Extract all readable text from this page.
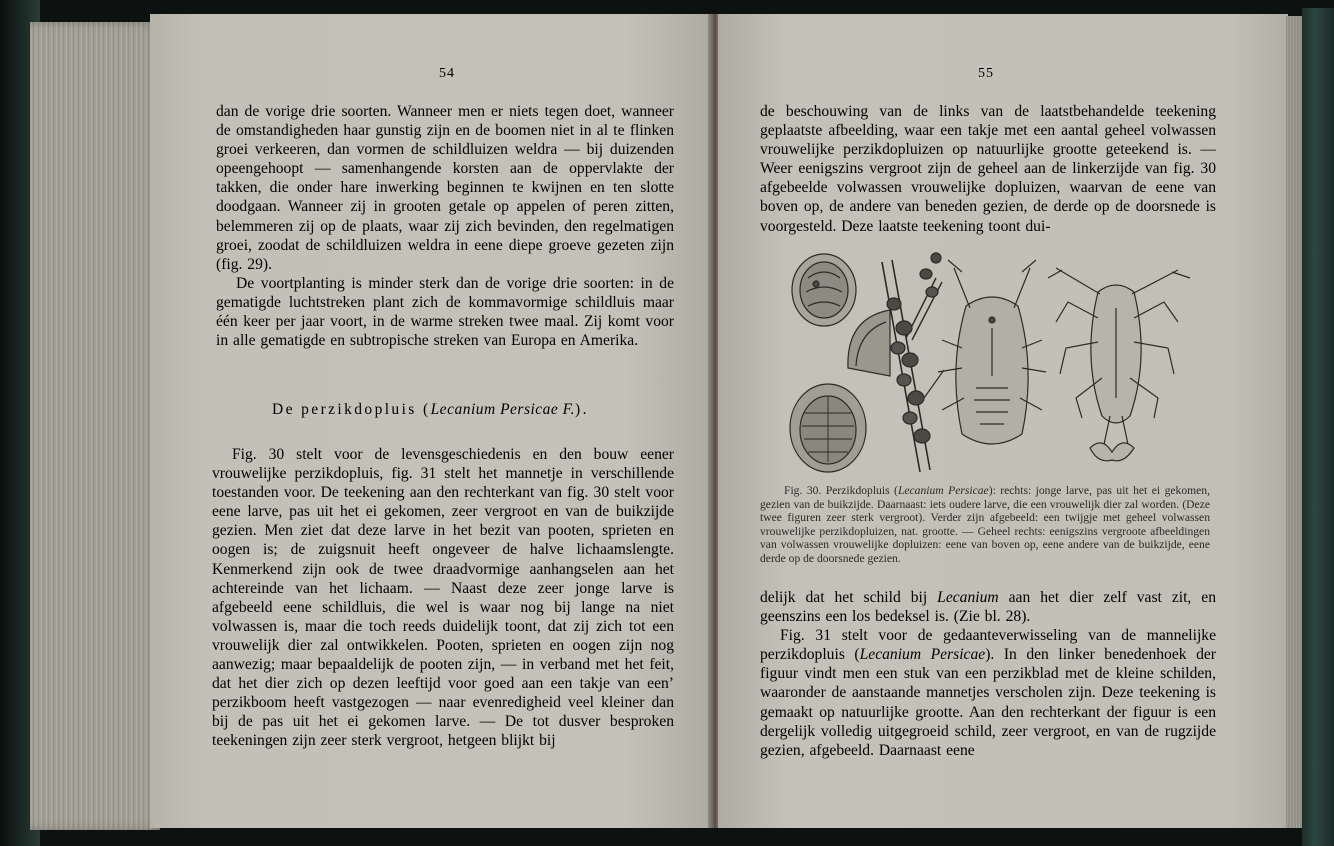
54

dan de vorige drie soorten. Wanneer men er niets tegen doet, wanneer de omstandigheden haar gunstig zijn en de boomen niet in al te flinken groei verkeeren, dan vormen de schildluizen weldra — bij duizenden opeengehoopt — samenhangende korsten aan de oppervlakte der takken, die onder hare inwerking beginnen te kwijnen en ten slotte doodgaan. Wanneer zij in grooten getale op appelen of peren zitten, belemmeren zij op de plaats, waar zij zich bevinden, den regelmatigen groei, zoodat de schildluizen weldra in eene diepe groeve gezeten zijn (fig. 29).

De voortplanting is minder sterk dan de vorige drie soorten: in de gematigde luchtstreken plant zich de kommavormige schildluis maar één keer per jaar voort, in de warme streken twee maal. Zij komt voor in alle gematigde en subtropische streken van Europa en Amerika.

De perzikdopluis (Lecanium Persicae F.).

Fig. 30 stelt voor de levensgeschiedenis en den bouw eener vrouwelijke perzikdopluis, fig. 31 stelt het mannetje in verschillende toestanden voor. De teekening aan den rechterkant van fig. 30 stelt voor eene larve, pas uit het ei gekomen, zeer vergroot en van de buikzijde gezien. Men ziet dat deze larve in het bezit van pooten, sprieten en oogen is; de zuigsnuit heeft ongeveer de halve lichaamslengte. Kenmerkend zijn ook de twee draadvormige aanhangselen aan het achtereinde van het lichaam. — Naast deze zeer jonge larve is afgebeeld eene schildluis, die wel is waar nog bij lange na niet volwassen is, maar die toch reeds duidelijk toont, dat zij zich tot een vrouwelijk dier zal ontwikkelen. Pooten, sprieten en oogen zijn nog aanwezig; maar bepaaldelijk de pooten zijn, — in verband met het feit, dat het dier zich op dezen leeftijd voor goed aan een takje van een’ perzikboom heeft vastgezogen — naar evenredigheid veel kleiner dan bij de pas uit het ei gekomen larve. — De tot dusver besproken teekeningen zijn zeer sterk vergroot, hetgeen blijkt bij

55

de beschouwing van de links van de laatstbehandelde teekening geplaatste afbeelding, waar een takje met een aantal geheel volwassen vrouwelijke perzikdopluizen op natuurlijke grootte geteekend is. — Weer eenigszins vergroot zijn de geheel aan de linkerzijde van fig. 30 afgebeelde volwassen vrouwelijke dopluizen, waarvan de eene van boven op, de andere van beneden gezien, de derde op de doorsnede is voorgesteld. Deze laatste teekening toont dui-

Fig. 30. Perzikdopluis (Lecanium Persicae): rechts: jonge larve, pas uit het ei gekomen, gezien van de buikzijde. Daarnaast: iets oudere larve, die een vrouwelijk dier zal worden. (Deze twee figuren zeer sterk vergroot). Verder zijn afgebeeld: een twijgje met geheel volwassen vrouwelijke perzikdopluizen, nat. grootte. — Geheel rechts: eenigszins vergroote afbeeldingen van volwassen vrouwelijke dopluizen: eene van boven op, eene andere van de buikzijde, eene derde op de doorsnede gezien.

delijk dat het schild bij Lecanium aan het dier zelf vast zit, en geenszins een los bedeksel is. (Zie bl. 28).

Fig. 31 stelt voor de gedaanteverwisseling van de mannelijke perzikdopluis (Lecanium Persicae). In den linker benedenhoek der figuur vindt men een stuk van een perzikblad met de kleine schilden, waaronder de aanstaande mannetjes verscholen zijn. Deze teekening is gemaakt op natuurlijke grootte. Aan den rechterkant der figuur is een dergelijk volledig uitgegroeid schild, zeer vergroot, en van de rugzijde gezien, afgebeeld. Daarnaast eene
